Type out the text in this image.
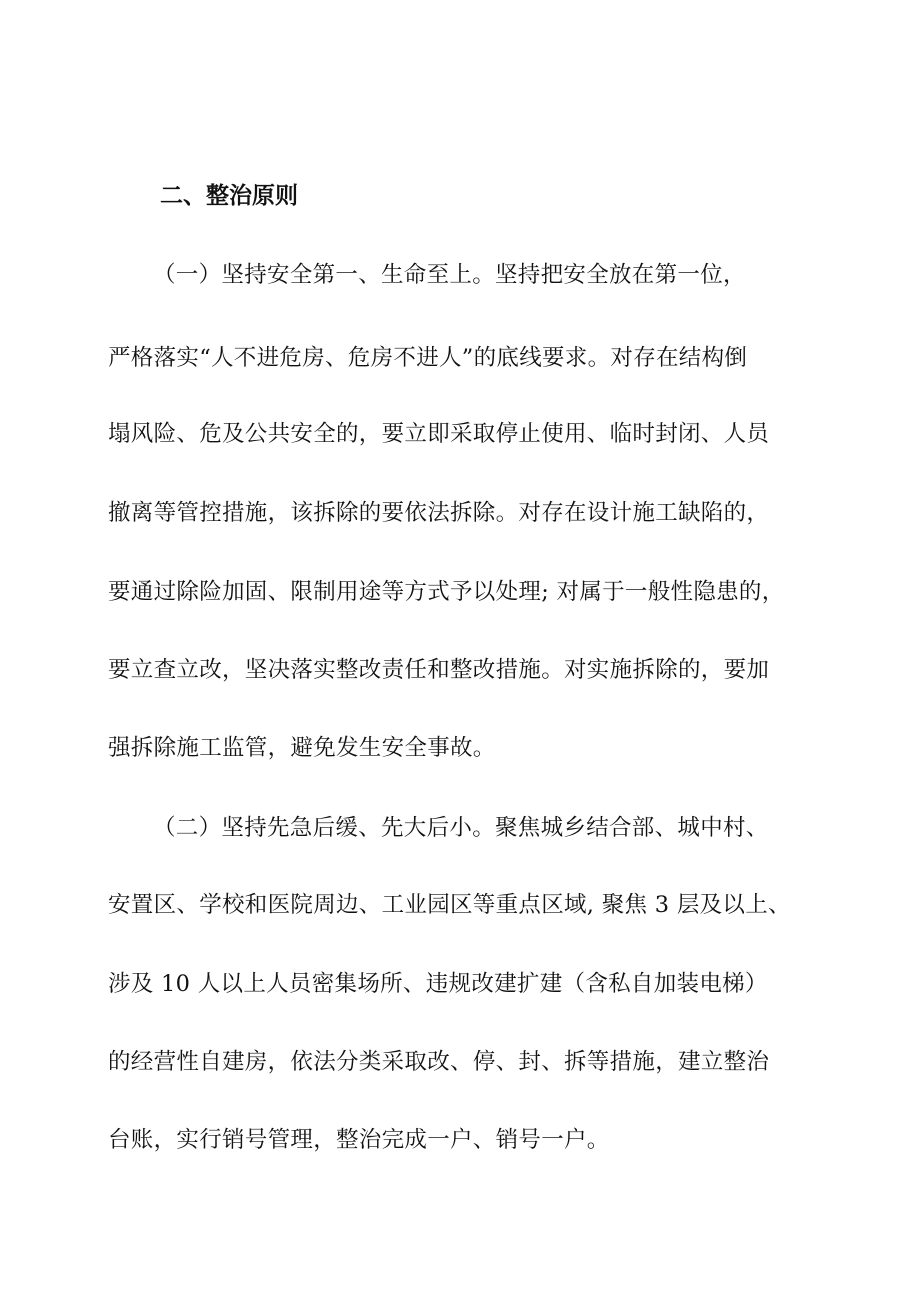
二、整治原则

（一）坚持安全第一、生命至上。坚持把安全放在第一位，

严格落实“人不进危房、危房不进人”的底线要求。对存在结构倒

塌风险、危及公共安全的，要立即采取停止使用、临时封闭、人员

撤离等管控措施，该拆除的要依法拆除。对存在设计施工缺陷的，

要通过除险加固、限制用途等方式予以处理; 对属于一般性隐患的，

要立查立改，坚决落实整改责任和整改措施。对实施拆除的，要加

强拆除施工监管，避免发生安全事故。

（二）坚持先急后缓、先大后小。聚焦城乡结合部、城中村、

安置区、学校和医院周边、工业园区等重点区域, 聚焦 3 层及以上、

涉及 10 人以上人员密集场所、违规改建扩建（含私自加装电梯）

的经营性自建房，依法分类采取改、停、封、拆等措施，建立整治

台账，实行销号管理，整治完成一户、销号一户。
